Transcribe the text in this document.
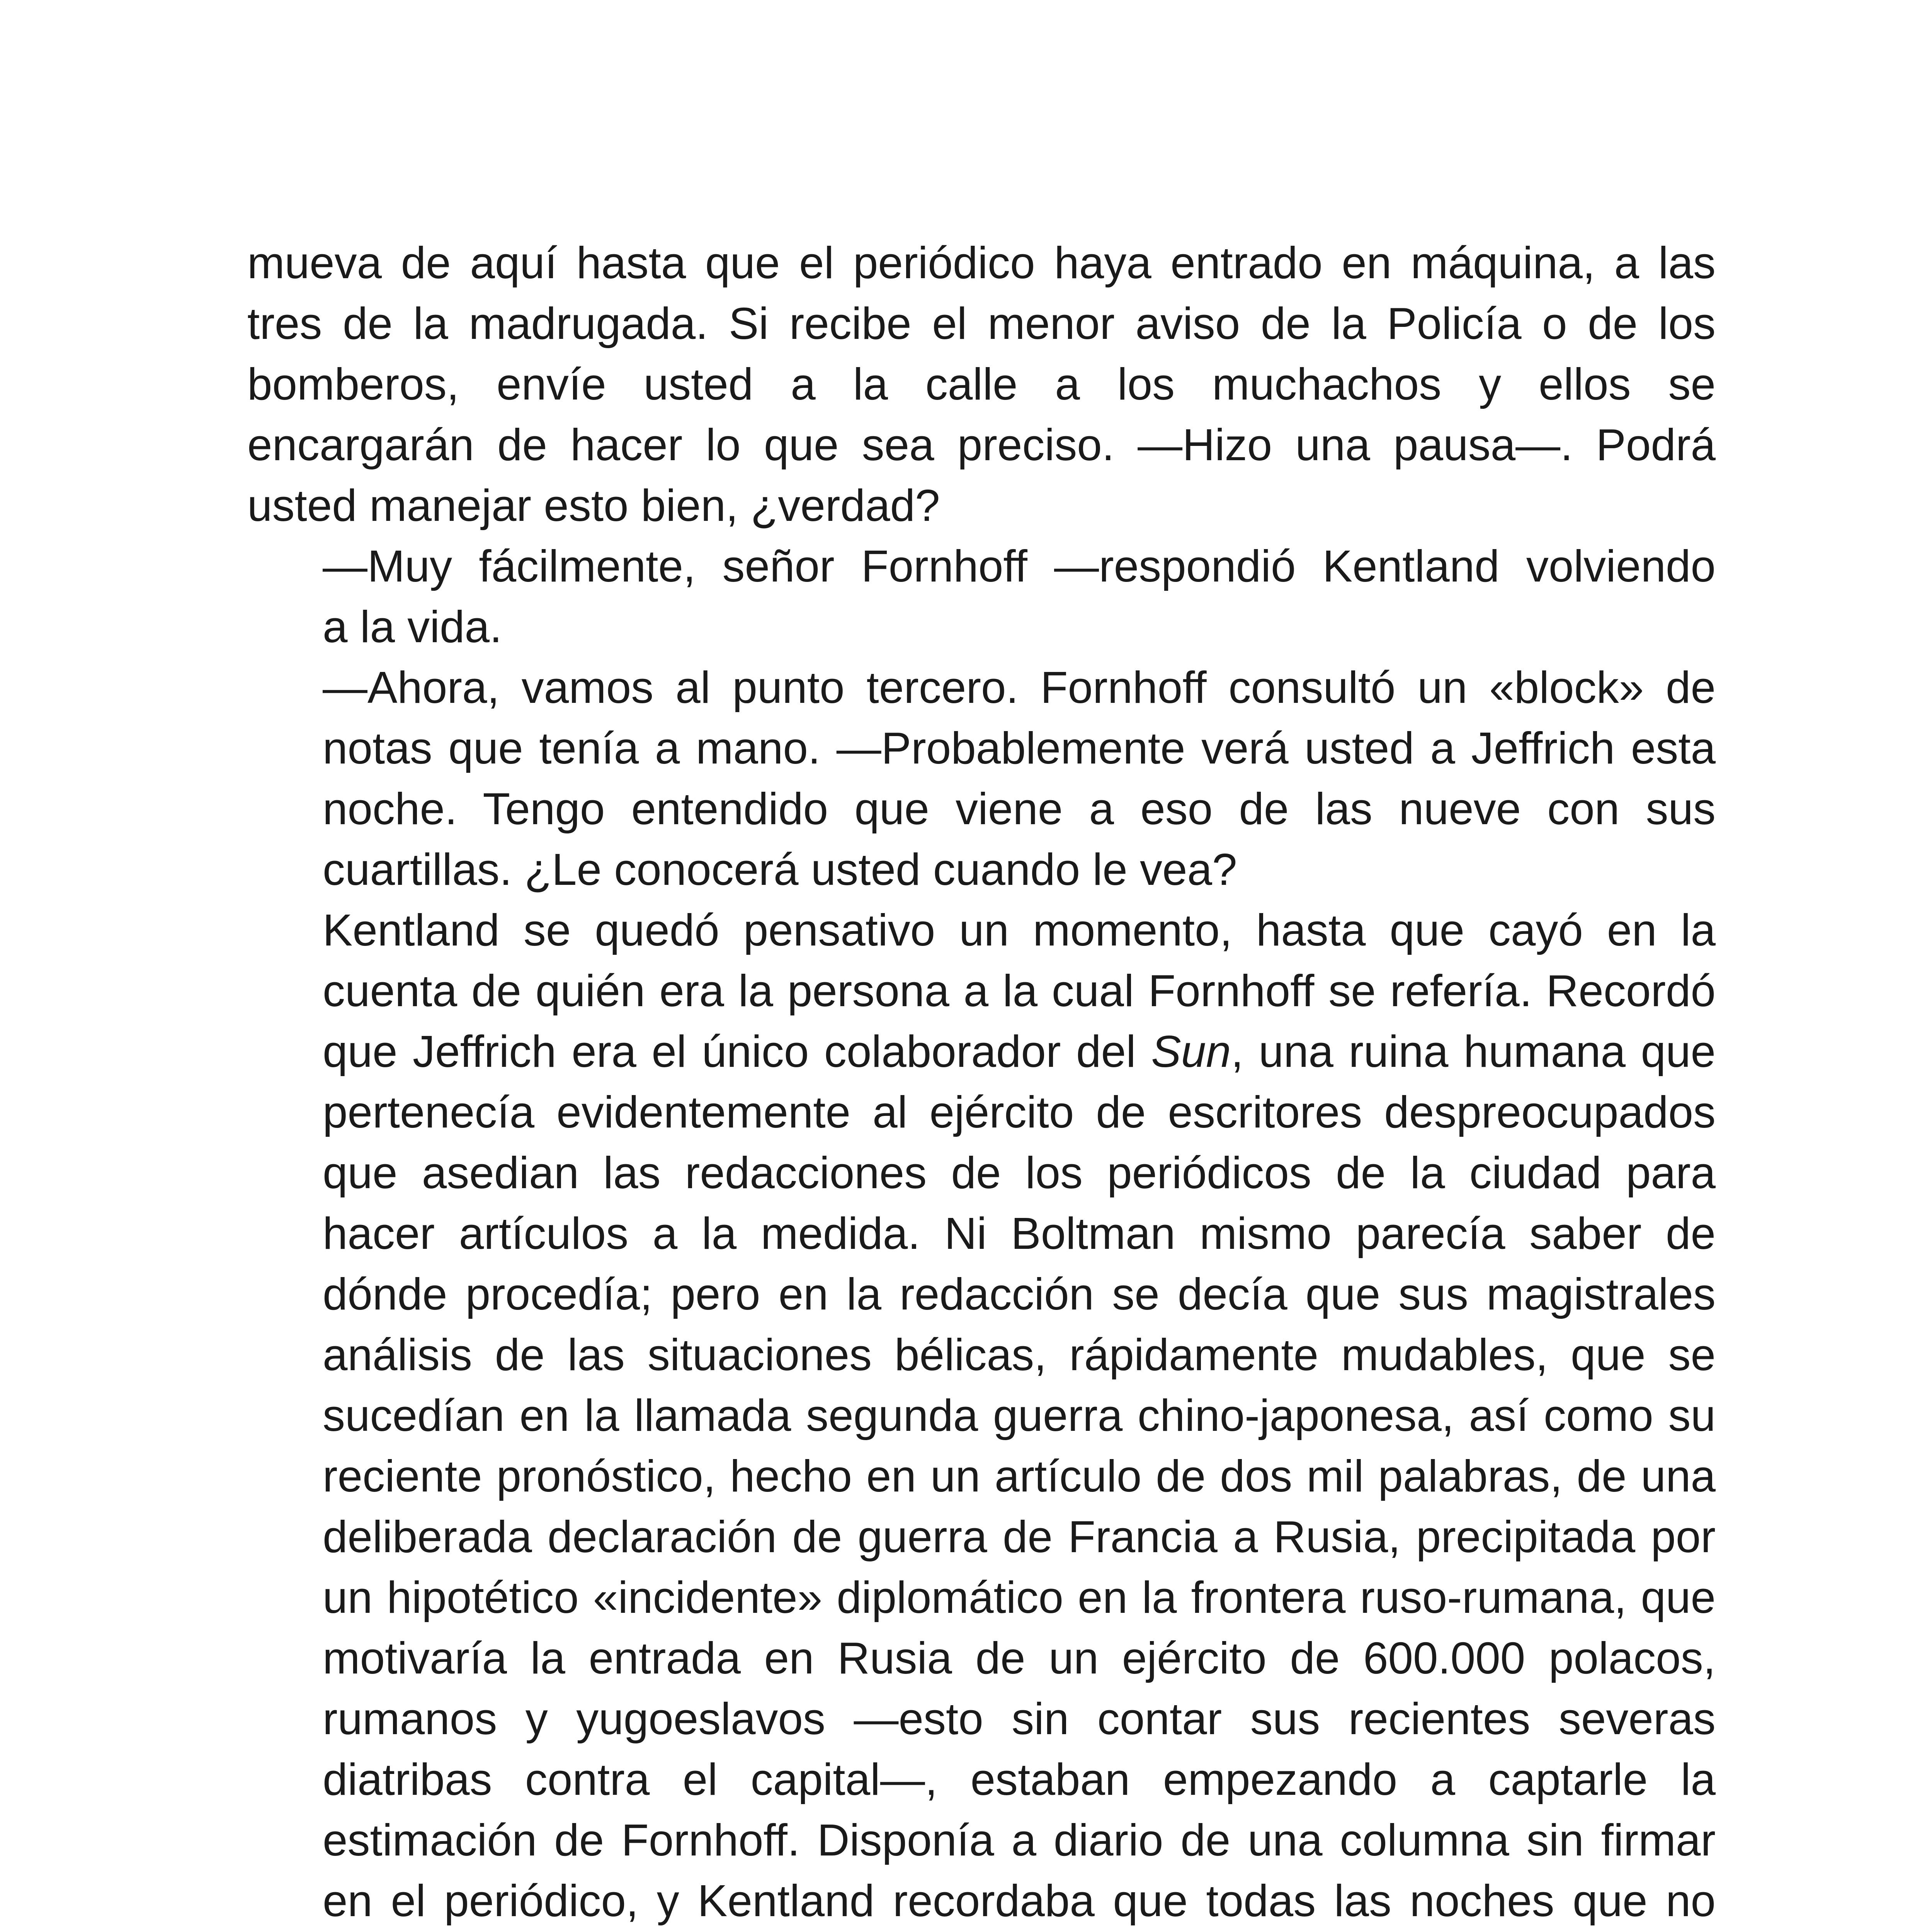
mueva de aquí hasta que el periódico haya entrado en máquina, a las
tres de la madrugada. Si recibe el menor aviso de la Policía o de los
bomberos, envíe usted a la calle a los muchachos y ellos se
encargarán de hacer lo que sea preciso. —Hizo una pausa—. Podrá
usted manejar esto bien, ¿verdad?
—Muy fácilmente, señor Fornhoff —respondió Kentland volviendo
a la vida.
—Ahora, vamos al punto tercero. Fornhoff consultó un «block» de
notas que tenía a mano. —Probablemente verá usted a Jeffrich esta
noche. Tengo entendido que viene a eso de las nueve con sus
cuartillas. ¿Le conocerá usted cuando le vea?
Kentland se quedó pensativo un momento, hasta que cayó en la
cuenta de quién era la persona a la cual Fornhoff se refería. Recordó
que Jeffrich era el único colaborador del Sun, una ruina humana que
pertenecía evidentemente al ejército de escritores despreocupados
que asedian las redacciones de los periódicos de la ciudad para
hacer artículos a la medida. Ni Boltman mismo parecía saber de
dónde procedía; pero en la redacción se decía que sus magistrales
análisis de las situaciones bélicas, rápidamente mudables, que se
sucedían en la llamada segunda guerra chino-japonesa, así como su
reciente pronóstico, hecho en un artículo de dos mil palabras, de una
deliberada declaración de guerra de Francia a Rusia, precipitada por
un hipotético «incidente» diplomático en la frontera ruso-rumana, que
motivaría la entrada en Rusia de un ejército de 600.000 polacos,
rumanos y yugoeslavos —esto sin contar sus recientes severas
diatribas contra el capital—, estaban empezando a captarle la
estimación de Fornhoff. Disponía a diario de una columna sin firmar
en el periódico, y Kentland recordaba que todas las noches que no
